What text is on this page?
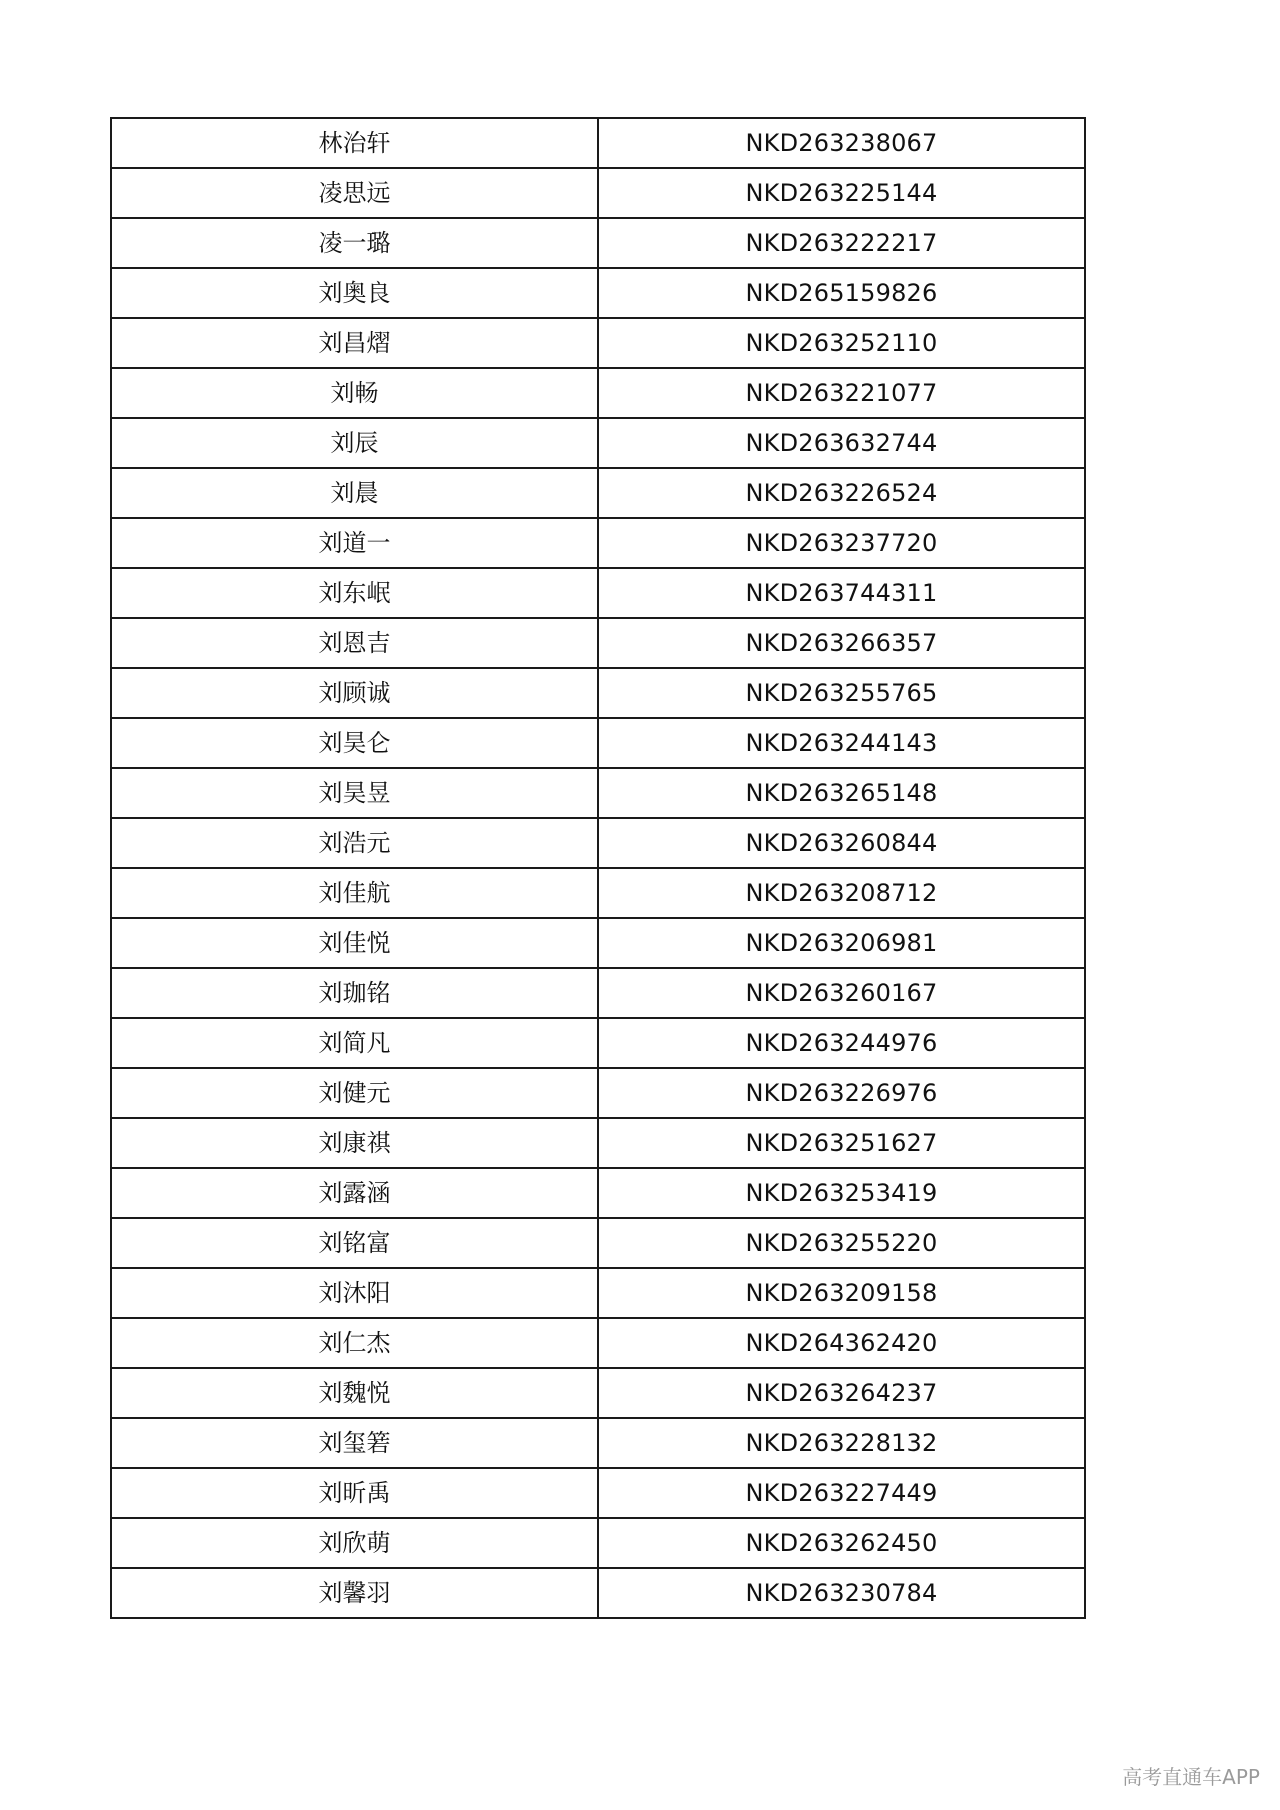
林治轩	NKD263238067
凌思远	NKD263225144
凌一璐	NKD263222217
刘奥良	NKD265159826
刘昌熠	NKD263252110
刘畅	NKD263221077
刘辰	NKD263632744
刘晨	NKD263226524
刘道一	NKD263237720
刘东岷	NKD263744311
刘恩吉	NKD263266357
刘顾诚	NKD263255765
刘昊仑	NKD263244143
刘昊昱	NKD263265148
刘浩元	NKD263260844
刘佳航	NKD263208712
刘佳悦	NKD263206981
刘珈铭	NKD263260167
刘简凡	NKD263244976
刘健元	NKD263226976
刘康祺	NKD263251627
刘露涵	NKD263253419
刘铭富	NKD263255220
刘沐阳	NKD263209158
刘仁杰	NKD264362420
刘魏悦	NKD263264237
刘玺箬	NKD263228132
刘昕禹	NKD263227449
刘欣萌	NKD263262450
刘馨羽	NKD263230784
高考直通车APP
